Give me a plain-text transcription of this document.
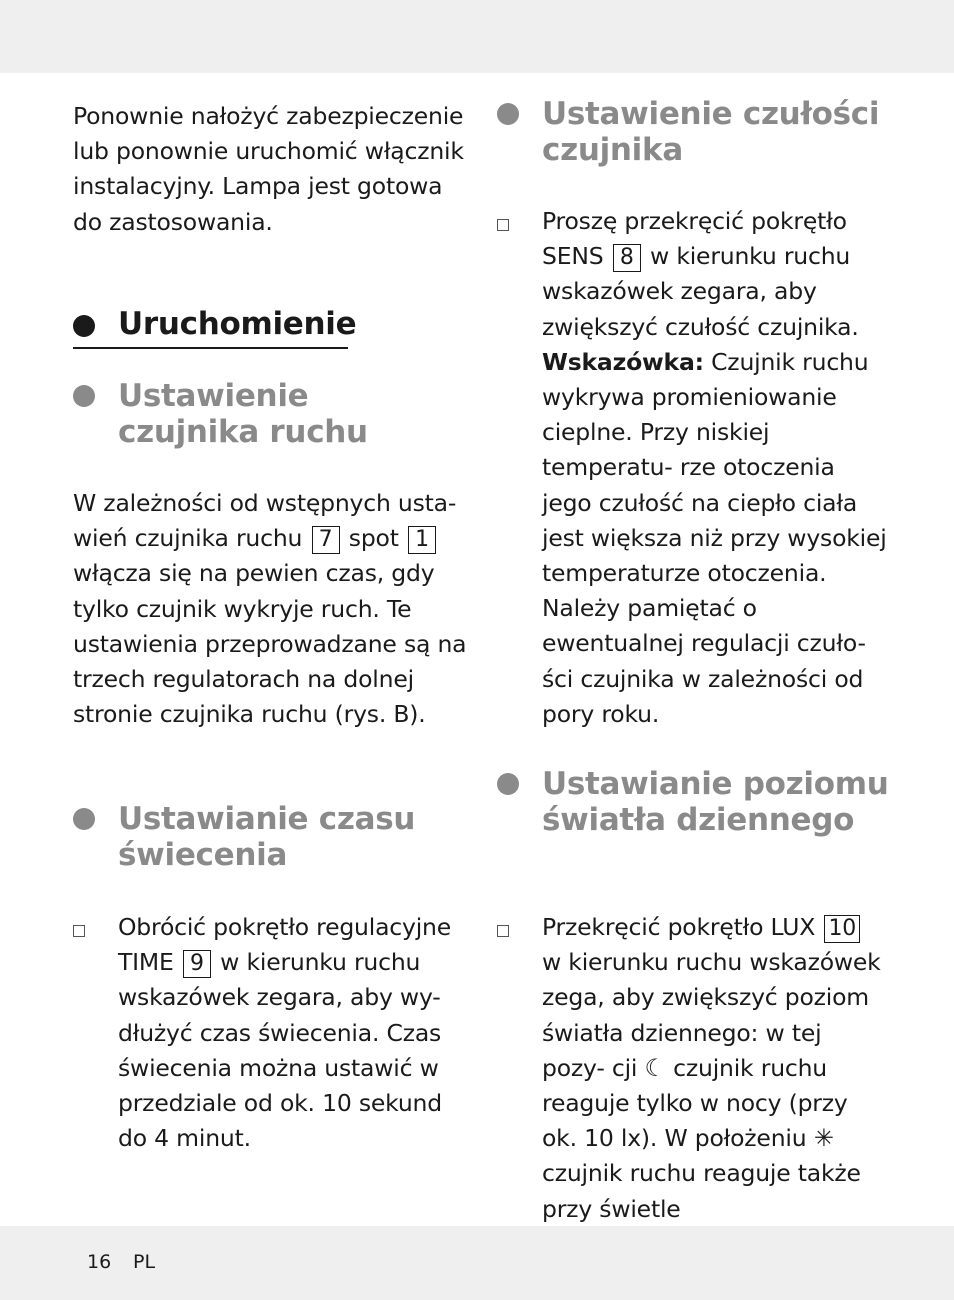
Ponownie nałożyć zabezpieczenie lub ponownie uruchomić włącznik instalacyjny. Lampa jest gotowa do zastosowania.

Uruchomienie
Ustawienie czujnika ruchu

W zależności od wstępnych usta- wień czujnika ruchu 7 spot 1 włącza się na pewien czas, gdy tylko czujnik wykryje ruch. Te ustawienia przeprowadzane są na trzech regulatorach na dolnej stronie czujnika ruchu (rys. B).

Ustawianie czasu świecenia

Obrócić pokrętło regulacyjne TIME 9 w kierunku ruchu wskazówek zegara, aby wy- dłużyć czas świecenia. Czas świecenia można ustawić w przedziale od ok. 10 sekund do 4 minut.

Ustawienie czułości czujnika

Proszę przekręcić pokrętło SENS 8 w kierunku ruchu wskazówek zegara, aby zwiększyć czułość czujnika. Wskazówka: Czujnik ruchu wykrywa promieniowanie cieplne. Przy niskiej temperatu- rze otoczenia jego czułość na ciepło ciała jest większa niż przy wysokiej temperaturze otoczenia. Należy pamiętać o ewentualnej regulacji czuło- ści czujnika w zależności od pory roku.

Ustawianie poziomu światła dziennego

Przekręcić pokrętło LUX 10 w kierunku ruchu wskazówek zega, aby zwiększyć poziom światła dziennego: w tej pozy- cji ☾ czujnik ruchu reaguje tylko w nocy (przy ok. 10 lx). W położeniu ✳ czujnik ruchu reaguje także przy świetle

16 PL
